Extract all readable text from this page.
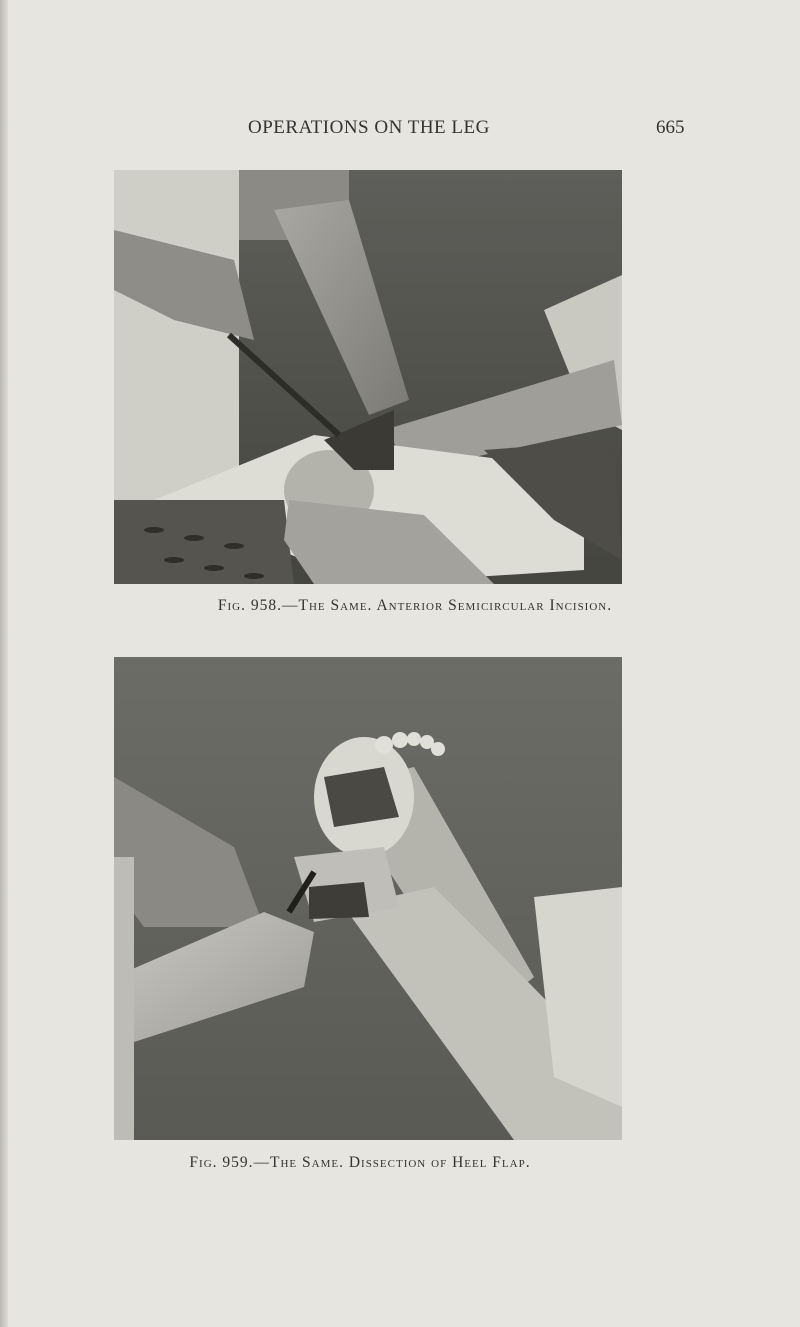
OPERATIONS ON THE LEG	665
Fig. 958.—The Same. Anterior Semicircular Incision.
Fig. 959.—The Same. Dissection of Heel Flap.
